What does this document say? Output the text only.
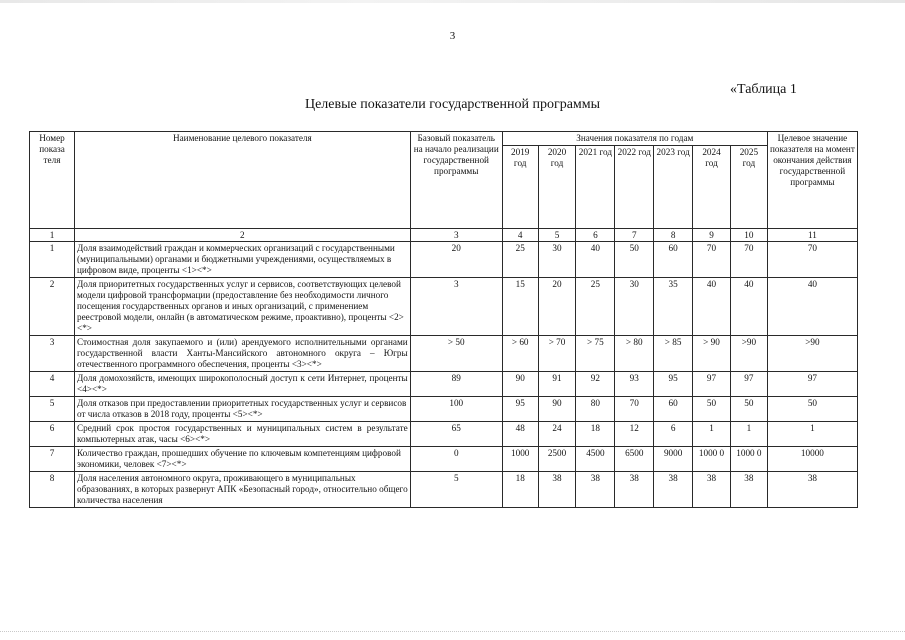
3
«Таблица 1
Целевые показатели государственной программы
Номер показа теля	Наименование целевого показателя	Базовый показатель на начало реализации государственной программы	Значения показателя по годам							Целевое значение показателя на момент окончания действия государственной программы
			2019 год	2020 год	2021 год	2022 год	2023 год	2024 год	2025 год	
1	2	3	4	5	6	7	8	9	10	11
1	Доля взаимодействий граждан и коммерческих организаций с государственными (муниципальными) органами и бюджетными учреждениями, осуществляемых в цифровом виде, проценты <1><*>	20	25	30	40	50	60	70	70	70
2	Доля приоритетных государственных услуг и сервисов, соответствующих целевой модели цифровой трансформации (предоставление без необходимости личного посещения государственных органов и иных организаций, с применением реестровой модели, онлайн (в автоматическом режиме, проактивно), проценты <2><*>	3	15	20	25	30	35	40	40	40
3	Стоимостная доля закупаемого и (или) арендуемого исполнительными органами государственной власти Ханты-Мансийского автономного округа – Югры отечественного программного обеспечения, проценты <3><*>	> 50	> 60	> 70	> 75	> 80	> 85	> 90	>90	>90
4	Доля домохозяйств, имеющих широкополосный доступ к сети Интернет, проценты <4><*>	89	90	91	92	93	95	97	97	97
5	Доля отказов при предоставлении приоритетных государственных услуг и сервисов от числа отказов в 2018 году, проценты <5><*>	100	95	90	80	70	60	50	50	50
6	Средний срок простоя государственных и муниципальных систем в результате компьютерных атак, часы <6><*>	65	48	24	18	12	6	1	1	1
7	Количество граждан, прошедших обучение по ключевым компетенциям цифровой экономики, человек <7><*>	0	1000	2500	4500	6500	9000	1000 0	1000 0	10000
8	Доля населения автономного округа, проживающего в муниципальных образованиях, в которых развернут АПК «Безопасный город», относительно общего количества населения	5	18	38	38	38	38	38	38	38
